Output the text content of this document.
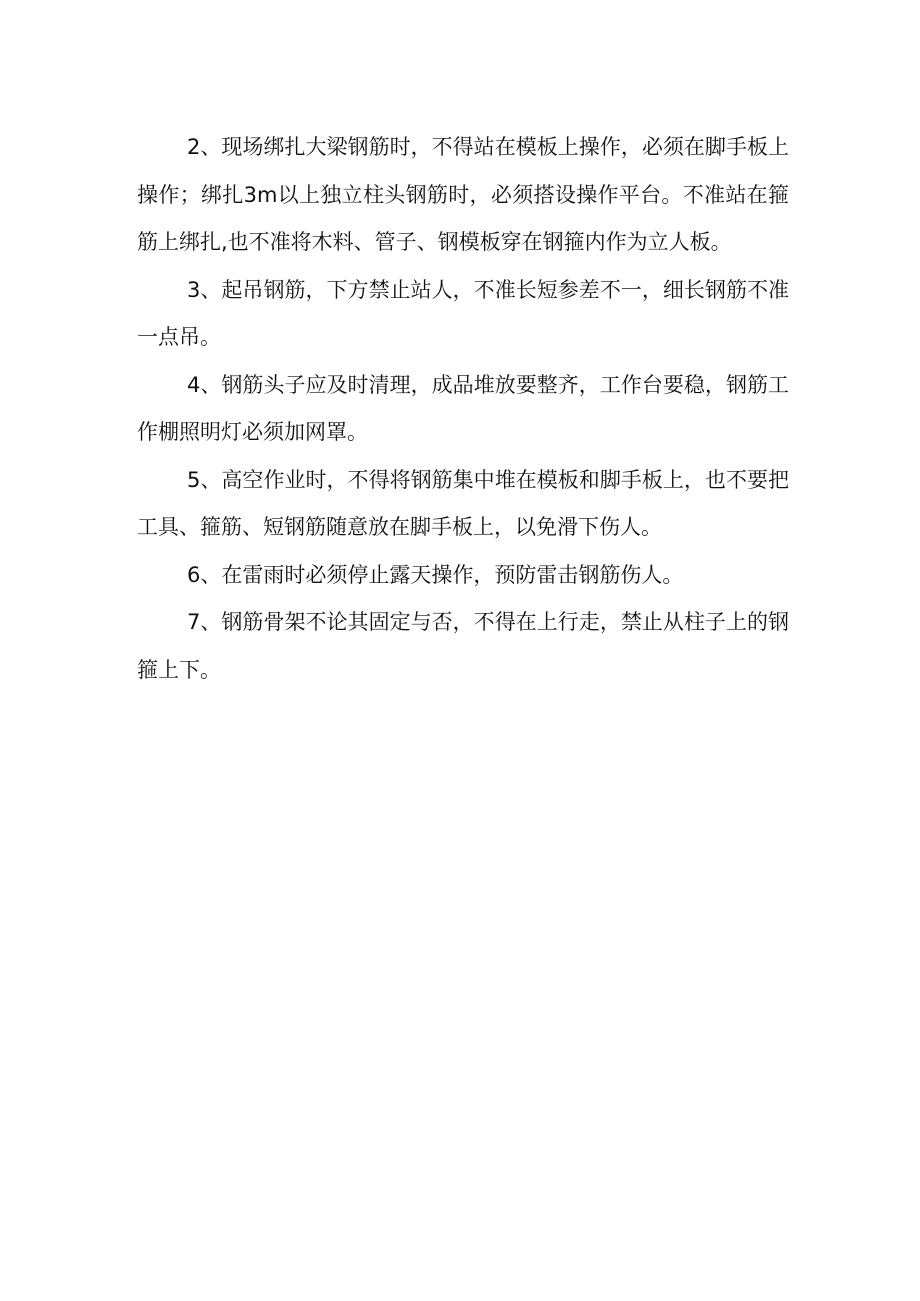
2、现场绑扎大梁钢筋时，不得站在模板上操作，必须在脚手板上操作；绑扎3m以上独立柱头钢筋时，必须搭设操作平台。不准站在箍筋上绑扎,也不准将木料、管子、钢模板穿在钢箍内作为立人板。

3、起吊钢筋，下方禁止站人，不准长短参差不一，细长钢筋不准一点吊。

4、钢筋头子应及时清理，成品堆放要整齐，工作台要稳，钢筋工作棚照明灯必须加网罩。

5、高空作业时，不得将钢筋集中堆在模板和脚手板上，也不要把工具、箍筋、短钢筋随意放在脚手板上，以免滑下伤人。

6、在雷雨时必须停止露天操作，预防雷击钢筋伤人。

7、钢筋骨架不论其固定与否，不得在上行走，禁止从柱子上的钢箍上下。
